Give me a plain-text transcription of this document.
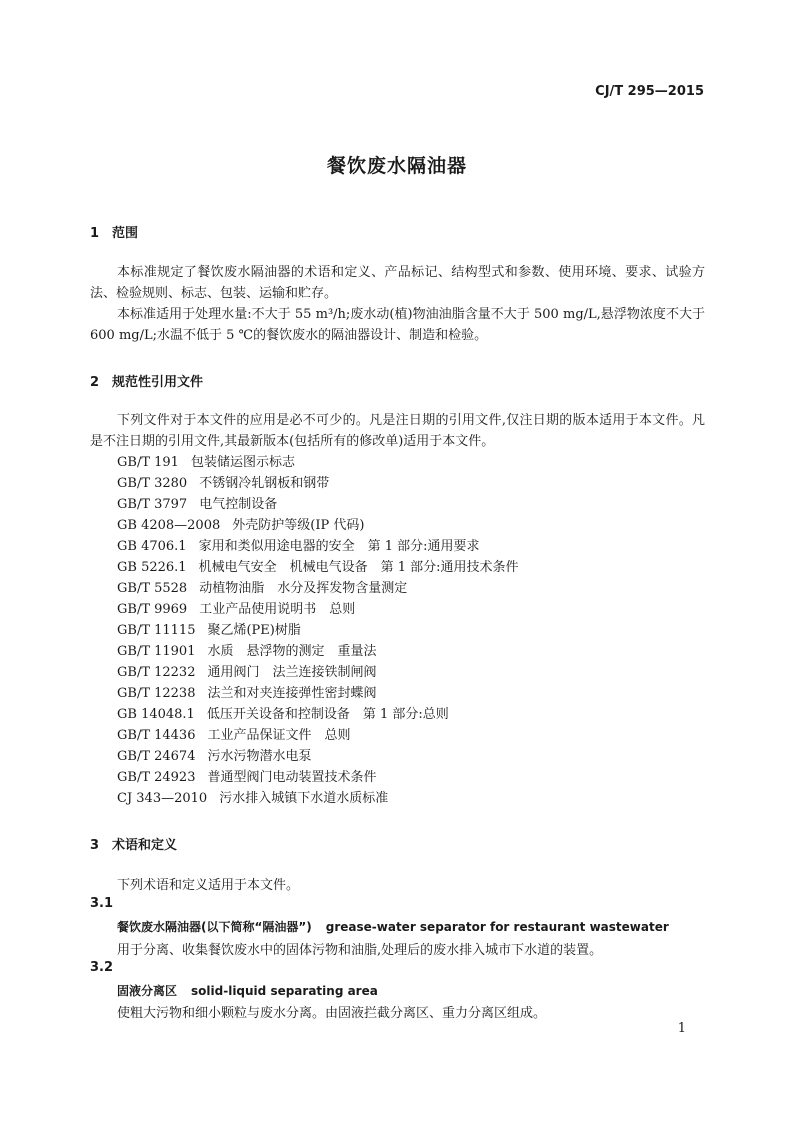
CJ/T 295—2015
餐饮废水隔油器
1 范围
本标准规定了餐饮废水隔油器的术语和定义、产品标记、结构型式和参数、使用环境、要求、试验方法、检验规则、标志、包装、运输和贮存。
本标准适用于处理水量:不大于 55 m³/h;废水动(植)物油油脂含量不大于 500 mg/L,悬浮物浓度不大于 600 mg/L;水温不低于 5 ℃的餐饮废水的隔油器设计、制造和检验。
2 规范性引用文件
下列文件对于本文件的应用是必不可少的。凡是注日期的引用文件,仅注日期的版本适用于本文件。凡是不注日期的引用文件,其最新版本(包括所有的修改单)适用于本文件。
GB/T 191 包装储运图示标志
GB/T 3280 不锈钢冷轧钢板和钢带
GB/T 3797 电气控制设备
GB 4208—2008 外壳防护等级(IP 代码)
GB 4706.1 家用和类似用途电器的安全　第 1 部分:通用要求
GB 5226.1 机械电气安全　机械电气设备　第 1 部分:通用技术条件
GB/T 5528 动植物油脂　水分及挥发物含量测定
GB/T 9969 工业产品使用说明书　总则
GB/T 11115 聚乙烯(PE)树脂
GB/T 11901 水质　悬浮物的测定　重量法
GB/T 12232 通用阀门　法兰连接铁制闸阀
GB/T 12238 法兰和对夹连接弹性密封蝶阀
GB 14048.1 低压开关设备和控制设备　第 1 部分:总则
GB/T 14436 工业产品保证文件　总则
GB/T 24674 污水污物潜水电泵
GB/T 24923 普通型阀门电动装置技术条件
CJ 343—2010 污水排入城镇下水道水质标准
3 术语和定义
下列术语和定义适用于本文件。
3.1
餐饮废水隔油器(以下简称“隔油器”) grease-water separator for restaurant wastewater
用于分离、收集餐饮废水中的固体污物和油脂,处理后的废水排入城市下水道的装置。
3.2
固液分离区 solid-liquid separating area
使粗大污物和细小颗粒与废水分离。由固液拦截分离区、重力分离区组成。
1
